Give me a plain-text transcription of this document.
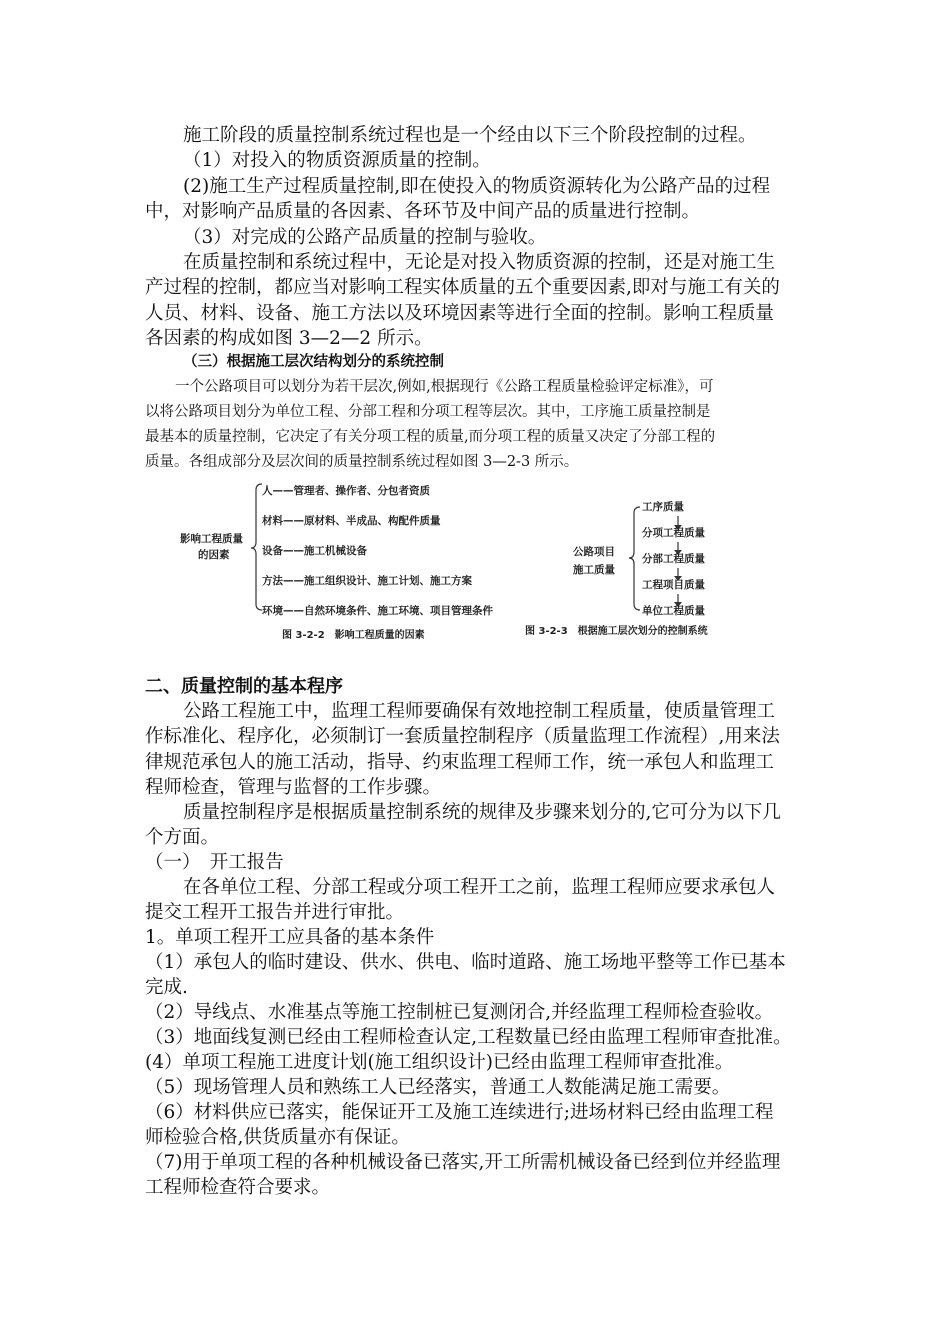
施工阶段的质量控制系统过程也是一个经由以下三个阶段控制的过程。
（1）对投入的物质资源质量的控制。
(2)施工生产过程质量控制,即在使投入的物质资源转化为公路产品的过程
中，对影响产品质量的各因素、各环节及中间产品的质量进行控制。
（3）对完成的公路产品质量的控制与验收。
在质量控制和系统过程中，无论是对投入物质资源的控制，还是对施工生
产过程的控制，都应当对影响工程实体质量的五个重要因素,即对与施工有关的
人员、材料、设备、施工方法以及环境因素等进行全面的控制。影响工程质量
各因素的构成如图 3—2—2 所示。
（三）根据施工层次结构划分的系统控制
一个公路项目可以划分为若干层次,例如,根据现行《公路工程质量检验评定标准》，可
以将公路项目划分为单位工程、分部工程和分项工程等层次。其中，工序施工质量控制是
最基本的质量控制，它决定了有关分项工程的质量,而分项工程的质量又决定了分部工程的
质量。各组成部分及层次间的质量控制系统过程如图 3—2-3 所示。
影响工程质量
的因素
人——管理者、操作者、分包者资质
材料——原材料、半成品、构配件质量
设备——施工机械设备
方法——施工组织设计、施工计划、施工方案
环境——自然环境条件、施工环境、项目管理条件
图 3-2-2　影响工程质量的因素
公路项目
施工质量
工序质量
分项工程质量
分部工程质量
工程项目质量
单位工程质量
图 3-2-3　根据施工层次划分的控制系统
二、质量控制的基本程序
公路工程施工中，监理工程师要确保有效地控制工程质量，使质量管理工
作标准化、程序化，必须制订一套质量控制程序（质量监理工作流程）,用来法
律规范承包人的施工活动，指导、约束监理工程师工作，统一承包人和监理工
程师检查，管理与监督的工作步骤。
质量控制程序是根据质量控制系统的规律及步骤来划分的,它可分为以下几
个方面。
（一）　开工报告
在各单位工程、分部工程或分项工程开工之前，监理工程师应要求承包人
提交工程开工报告并进行审批。
1。单项工程开工应具备的基本条件
（1）承包人的临时建设、供水、供电、临时道路、施工场地平整等工作已基本
完成.
（2）导线点、水准基点等施工控制桩已复测闭合,并经监理工程师检查验收。
（3）地面线复测已经由工程师检查认定,工程数量已经由监理工程师审查批准。
(4）单项工程施工进度计划(施工组织设计)已经由监理工程师审查批准。
（5）现场管理人员和熟练工人已经落实，普通工人数能满足施工需要。
（6）材料供应已落实，能保证开工及施工连续进行;进场材料已经由监理工程
师检验合格,供货质量亦有保证。
（7)用于单项工程的各种机械设备已落实,开工所需机械设备已经到位并经监理
工程师检查符合要求。
